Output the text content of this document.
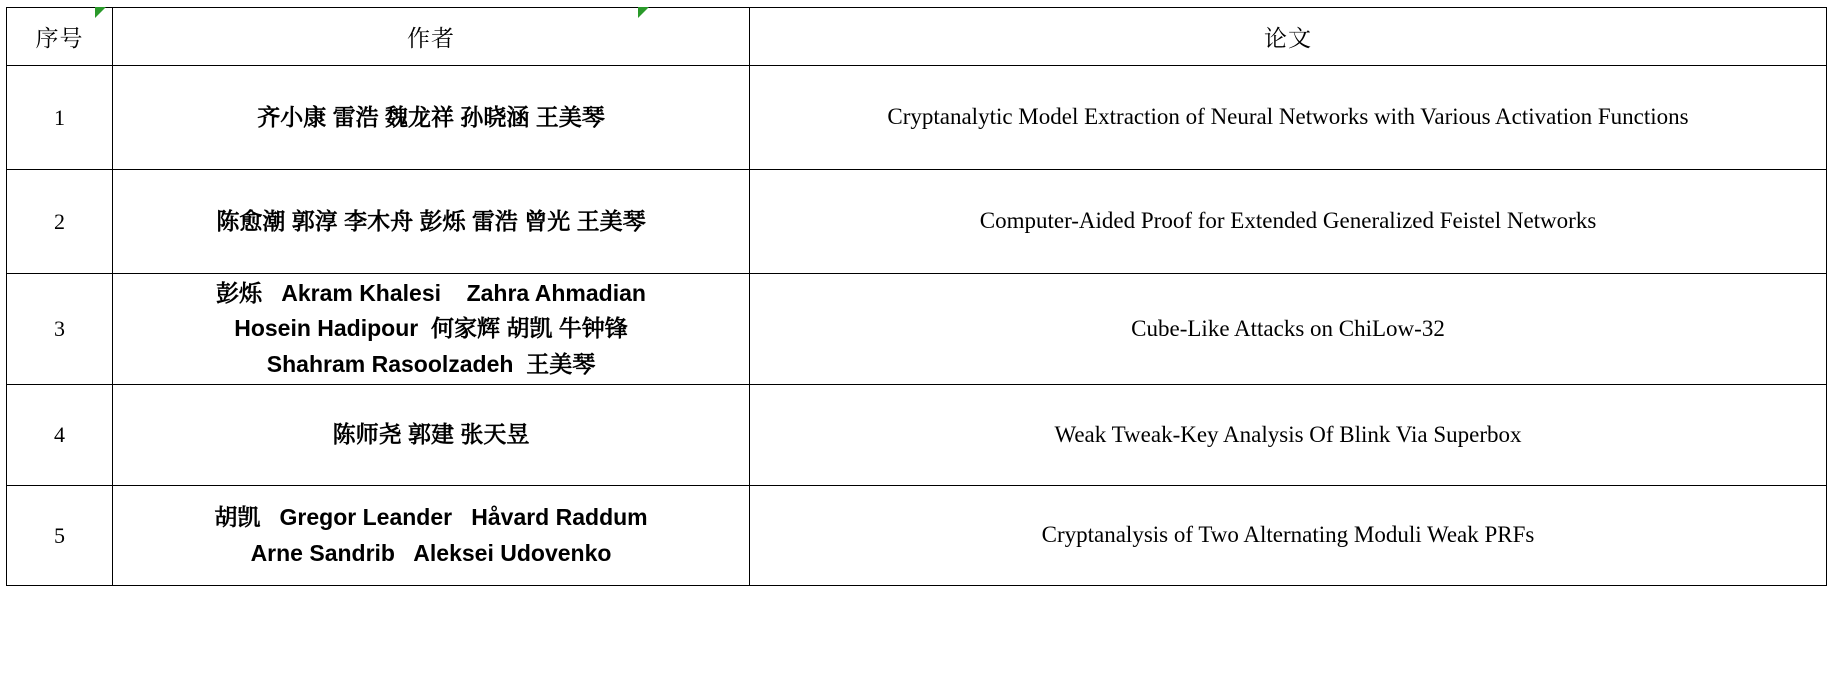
序号	作者	论文
1	齐小康 雷浩 魏龙祥 孙晓涵 王美琴	Cryptanalytic Model Extraction of Neural Networks with Various Activation Functions
2	陈愈潮 郭淳 李木舟 彭烁 雷浩 曾光 王美琴	Computer-Aided Proof for Extended Generalized Feistel Networks
3	彭烁   Akram Khalesi    Zahra Ahmadian
Hosein Hadipour  何家辉 胡凯 牛钟锋
Shahram Rasoolzadeh  王美琴	Cube-Like Attacks on ChiLow-32
4	陈师尧 郭建 张天昱	Weak Tweak-Key Analysis Of Blink Via Superbox
5	胡凯   Gregor Leander   Håvard Raddum
Arne Sandrib   Aleksei Udovenko	Cryptanalysis of Two Alternating Moduli Weak PRFs
